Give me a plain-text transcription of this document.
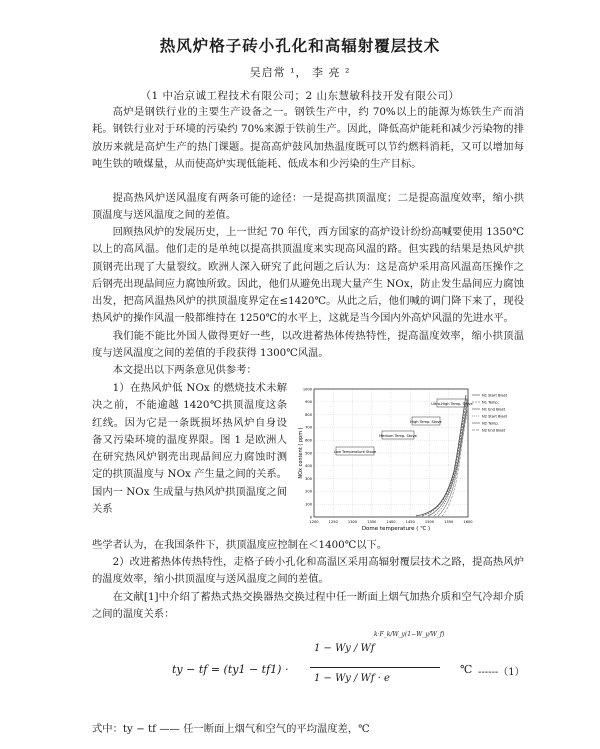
热风炉格子砖小孔化和高辐射覆层技术
吴启常 ¹， 李 亮 ²
（1 中冶京诚工程技术有限公司；2 山东慧敏科技开发有限公司）

高炉是钢铁行业的主要生产设备之一。钢铁生产中，约 70%以上的能源为炼铁生产而消耗。钢铁行业对于环境的污染约 70%来源于铁前生产。因此，降低高炉能耗和减少污染物的排放历来就是高炉生产的热门课题。提高高炉鼓风加热温度既可以节约燃料消耗，又可以增加每吨生铁的喷煤量，从而使高炉实现低能耗、低成本和少污染的生产目标。

提高热风炉送风温度有两条可能的途径：一是提高拱顶温度；二是提高温度效率，缩小拱顶温度与送风温度之间的差值。

回顾热风炉的发展历史，上一世纪 70 年代，西方国家的高炉设计纷纷高喊要使用 1350℃以上的高风温。他们走的是单纯以提高拱顶温度来实现高风温的路。但实践的结果是热风炉拱顶钢壳出现了大量裂纹。欧洲人深入研究了此问题之后认为：这是高炉采用高风温高压操作之后钢壳出现晶间应力腐蚀所致。因此，他们从避免出现大量产生 NOx，防止发生晶间应力腐蚀出发，把高风温热风炉的拱顶温度界定在≤1420℃。从此之后，他们喊的调门降下来了，现役热风炉的操作风温一般都维持在 1250℃的水平上，这就是当今国内外高炉风温的先进水平。

我们能不能比外国人做得更好一些，以改进蓄热体传热特性，提高温度效率，缩小拱顶温度与送风温度之间的差值的手段获得 1300℃风温。

本文提出以下两条意见供参考：

1）在热风炉低 NOx 的燃烧技术未解决之前，不能逾越 1420℃拱顶温度这条红线。因为它是一条既损坏热风炉自身设备又污染环境的温度界限。图 1 是欧洲人在研究热风炉钢壳出现晶间应力腐蚀时测定的拱顶温度与 NOx 产生量之间的关系。国内一 NOx 生成量与热风炉拱顶温度之间关系

些学者认为，在我国条件下，拱顶温度应控制在＜1400℃以下。

2）改进蓄热体传热特性，走格子砖小孔化和高温区采用高辐射覆层技术之路，提高热风炉的温度效率，缩小拱顶温度与送风温度之间的差值。

在文献[1]中介绍了蓄热式热交换器热交换过程中任一断面上烟气加热介质和空气冷却介质之间的温度关系：

NOx content ( ppm )
Dome temperature ( ℃ )
0
100
200
300
400
500
600
700
800
900
1000
1200	1250	1300	1350	1400	1450	1500	1550	1600
Low Temperature Stove
Medium Temp. Stove
High Temp. Stove
Ultra-High Temp. Stove
N1 Start Blast
N1 Temp.
N1 End Blast
N2 Start Blast
N2 Temp.
N2 End Blast
ty − tf = (ty1 − tf1) ·
1 − Wy / Wf
k·F_k/W_y(1−W_y/W_f)
1 − Wy / Wf · e
℃ ------（1）
式中：ty − tf —— 任一断面上烟气和空气的平均温度差，℃
